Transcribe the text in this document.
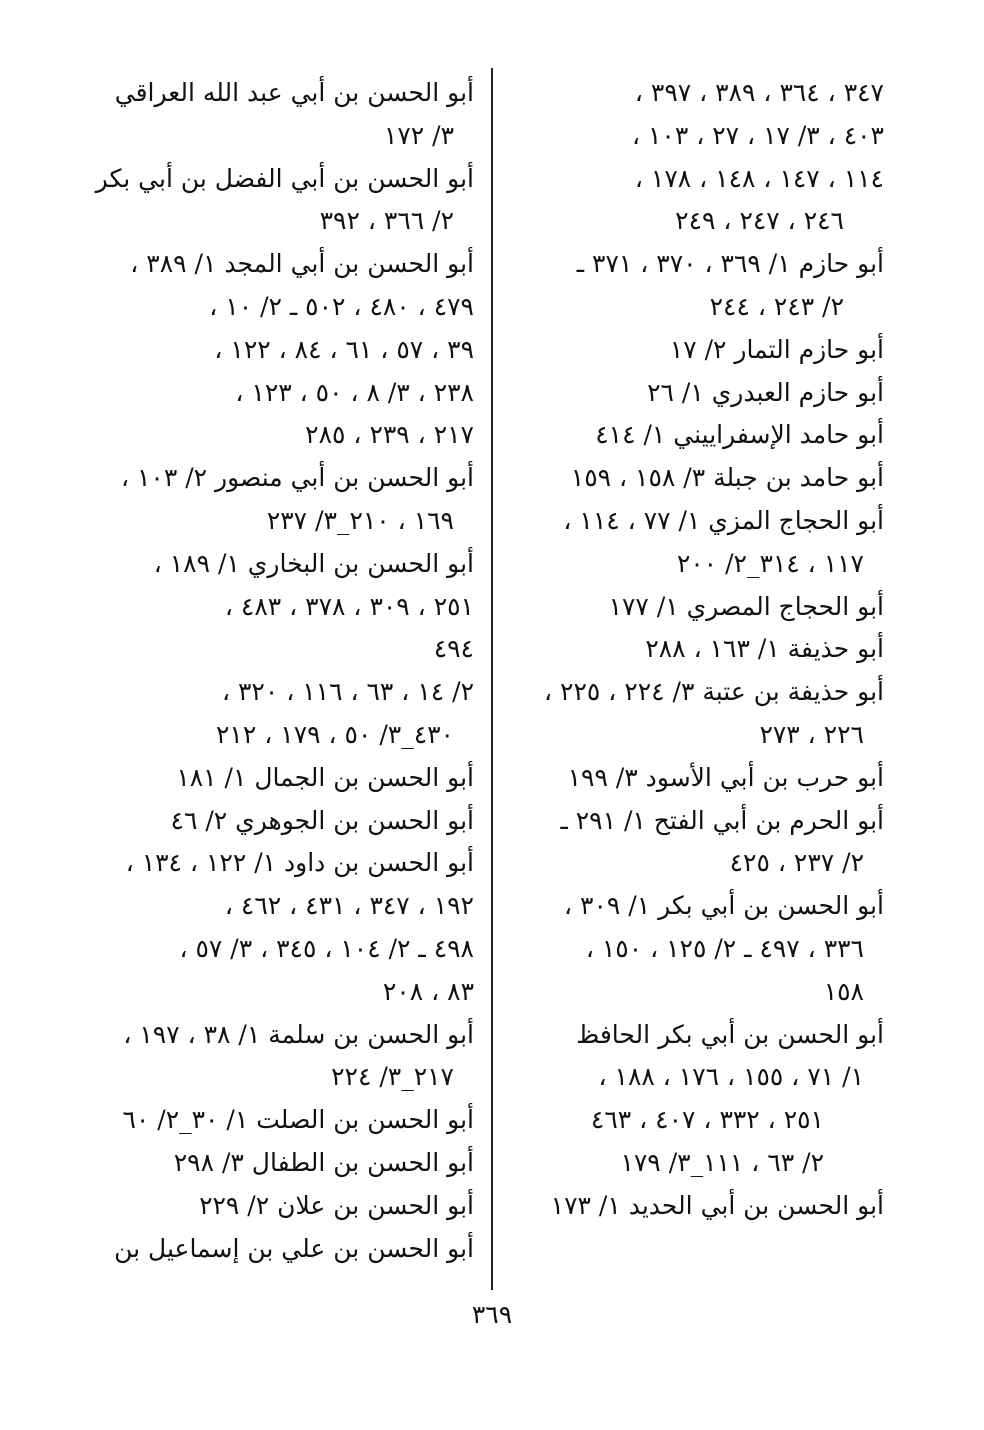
٣٤٧ ، ٣٦٤ ، ٣٨٩ ، ٣٩٧ ،
٤٠٣ ، ٣/ ١٧ ، ٢٧ ، ١٠٣ ،
١١٤ ، ١٤٧ ، ١٤٨ ، ١٧٨ ،
٢٤٦ ، ٢٤٧ ، ٢٤٩
أبو حازم ١/ ٣٦٩ ، ٣٧٠ ، ٣٧١ ـ
٢/ ٢٤٣ ، ٢٤٤
أبو حازم التمار ٢/ ١٧
أبو حازم العبدري ١/ ٢٦
أبو حامد الإسفراييني ١/ ٤١٤
أبو حامد بن جبلة ٣/ ١٥٨ ، ١٥٩
أبو الحجاج المزي ١/ ٧٧ ، ١١٤ ،
١١٧ ، ٣١٤_٢/ ٢٠٠
أبو الحجاج المصري ١/ ١٧٧
أبو حذيفة ١/ ١٦٣ ، ٢٨٨
أبو حذيفة بن عتبة ٣/ ٢٢٤ ، ٢٢٥ ،
٢٢٦ ، ٢٧٣
أبو حرب بن أبي الأسود ٣/ ١٩٩
أبو الحرم بن أبي الفتح ١/ ٢٩١ ـ
٢/ ٢٣٧ ، ٤٢٥
أبو الحسن بن أبي بكر ١/ ٣٠٩ ،
٣٣٦ ، ٤٩٧ ـ ٢/ ١٢٥ ، ١٥٠ ،
١٥٨
أبو الحسن بن أبي بكر الحافظ
١/ ٧١ ، ١٥٥ ، ١٧٦ ، ١٨٨ ،
٢٥١ ، ٣٣٢ ، ٤٠٧ ، ٤٦٣
٢/ ٦٣ ، ١١١_٣/ ١٧٩
أبو الحسن بن أبي الحديد ١/ ١٧٣
أبو الحسن بن أبي عبد الله العراقي
٣/ ١٧٢
أبو الحسن بن أبي الفضل بن أبي بكر
٢/ ٣٦٦ ، ٣٩٢
أبو الحسن بن أبي المجد ١/ ٣٨٩ ،
٤٧٩ ، ٤٨٠ ، ٥٠٢ ـ ٢/ ١٠ ،
٣٩ ، ٥٧ ، ٦١ ، ٨٤ ، ١٢٢ ،
٢٣٨ ، ٣/ ٨ ، ٥٠ ، ١٢٣ ،
٢١٧ ، ٢٣٩ ، ٢٨٥
أبو الحسن بن أبي منصور ٢/ ١٠٣ ،
١٦٩ ، ٢١٠_٣/ ٢٣٧
أبو الحسن بن البخاري ١/ ١٨٩ ،
٢٥١ ، ٣٠٩ ، ٣٧٨ ، ٤٨٣ ،
٤٩٤
٢/ ١٤ ، ٦٣ ، ١١٦ ، ٣٢٠ ،
٤٣٠_٣/ ٥٠ ، ١٧٩ ، ٢١٢
أبو الحسن بن الجمال ١/ ١٨١
أبو الحسن بن الجوهري ٢/ ٤٦
أبو الحسن بن داود ١/ ١٢٢ ، ١٣٤ ،
١٩٢ ، ٣٤٧ ، ٤٣١ ، ٤٦٢ ،
٤٩٨ ـ ٢/ ١٠٤ ، ٣٤٥ ، ٣/ ٥٧ ،
٨٣ ، ٢٠٨
أبو الحسن بن سلمة ١/ ٣٨ ، ١٩٧ ،
٢١٧_٣/ ٢٢٤
أبو الحسن بن الصلت ١/ ٣٠_٢/ ٦٠
أبو الحسن بن الطفال ٣/ ٢٩٨
أبو الحسن بن علان ٢/ ٢٢٩
أبو الحسن بن علي بن إسماعيل بن
٣٦٩
